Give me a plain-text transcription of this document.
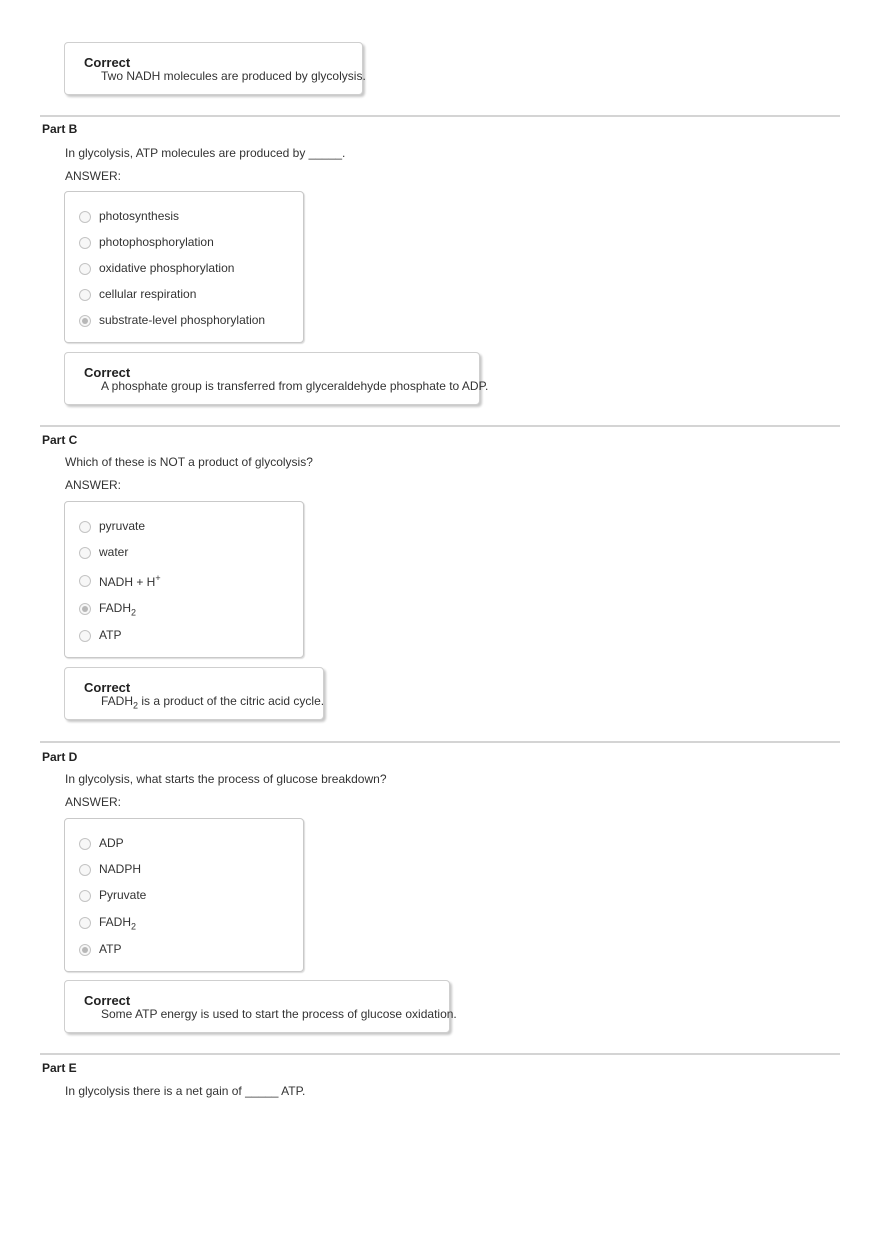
Correct
Two NADH molecules are produced by glycolysis.
Part B
In glycolysis, ATP molecules are produced by _____.
ANSWER:
photosynthesis
photophosphorylation
oxidative phosphorylation
cellular respiration
substrate-level phosphorylation
Correct
A phosphate group is transferred from glyceraldehyde phosphate to ADP.
Part C
Which of these is NOT a product of glycolysis?
ANSWER:
pyruvate
water
NADH + H+
$FADH_2$
ATP
Correct
$FADH_2$ is a product of the citric acid cycle.
Part D
In glycolysis, what starts the process of glucose breakdown?
ANSWER:
ADP
NADPH
Pyruvate
$FADH_2$
ATP
Correct
Some ATP energy is used to start the process of glucose oxidation.
Part E
In glycolysis there is a net gain of _____ ATP.
